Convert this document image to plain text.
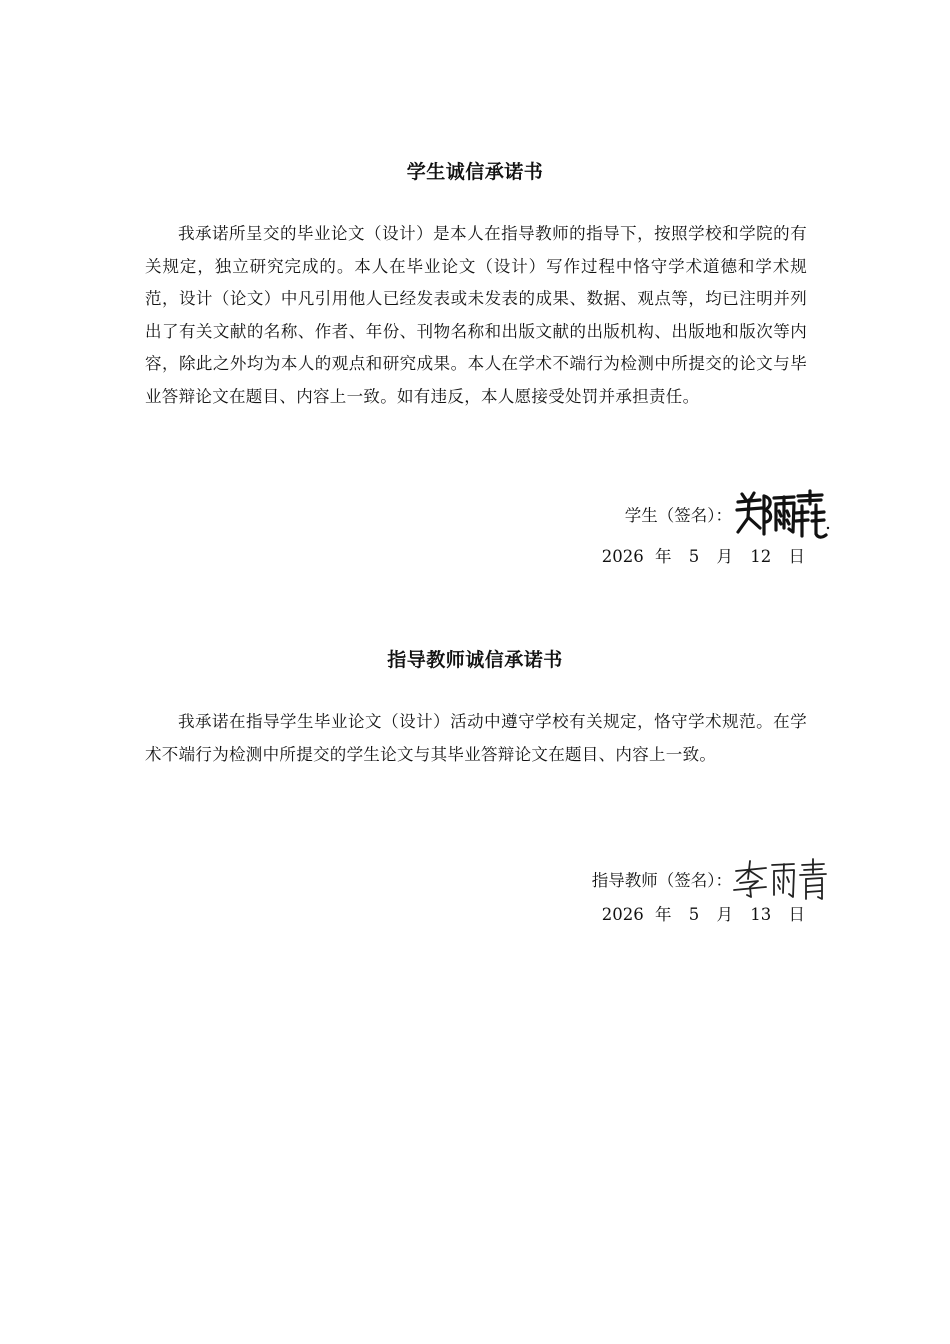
学生诚信承诺书

我承诺所呈交的毕业论文（设计）是本人在指导教师的指导下，按照学校和学院的有关规定，独立研究完成的。本人在毕业论文（设计）写作过程中恪守学术道德和学术规范，设计（论文）中凡引用他人已经发表或未发表的成果、数据、观点等，均已注明并列出了有关文献的名称、作者、年份、刊物名称和出版文献的出版机构、出版地和版次等内容，除此之外均为本人的观点和研究成果。本人在学术不端行为检测中所提交的论文与毕业答辩论文在题目、内容上一致。如有违反，本人愿接受处罚并承担责任。

学生（签名）：
2026 年 5 月 12 日
指导教师诚信承诺书

我承诺在指导学生毕业论文（设计）活动中遵守学校有关规定，恪守学术规范。在学术不端行为检测中所提交的学生论文与其毕业答辩论文在题目、内容上一致。

指导教师（签名）：
2026 年 5 月 13 日
